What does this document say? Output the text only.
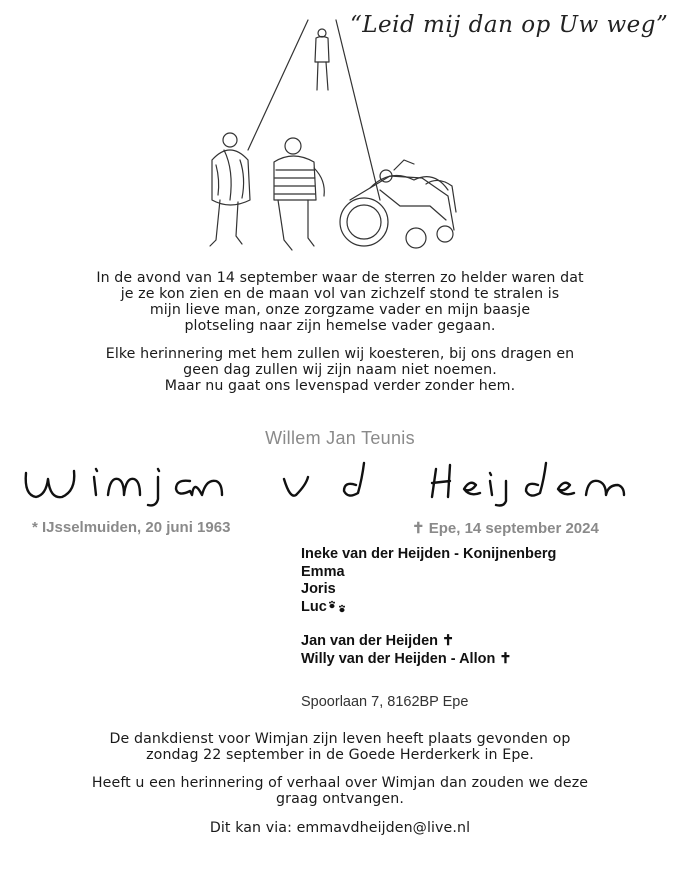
“Leid mij dan op Uw weg”
In de avond van 14 september waar de sterren zo helder waren dat
je ze kon zien en de maan vol van zichzelf stond te stralen is
mijn lieve man, onze zorgzame vader en mijn baasje
plotseling naar zijn hemelse vader gegaan.
Elke herinnering met hem zullen wij koesteren, bij ons dragen en
geen dag zullen wij zijn naam niet noemen.
Maar nu gaat ons levenspad verder zonder hem.
Willem Jan Teunis
* IJsselmuiden, 20 juni 1963	✝ Epe, 14 september 2024
Ineke van der Heijden - Konijnenberg
Emma
Joris
Luc
Jan van der Heijden ✝
Willy van der Heijden - Allon ✝
Spoorlaan 7, 8162BP Epe
De dankdienst voor Wimjan zijn leven heeft plaats gevonden op
zondag 22 september in de Goede Herderkerk in Epe.
Heeft u een herinnering of verhaal over Wimjan dan zouden we deze
graag ontvangen.
Dit kan via: emmavdheijden@live.nl
